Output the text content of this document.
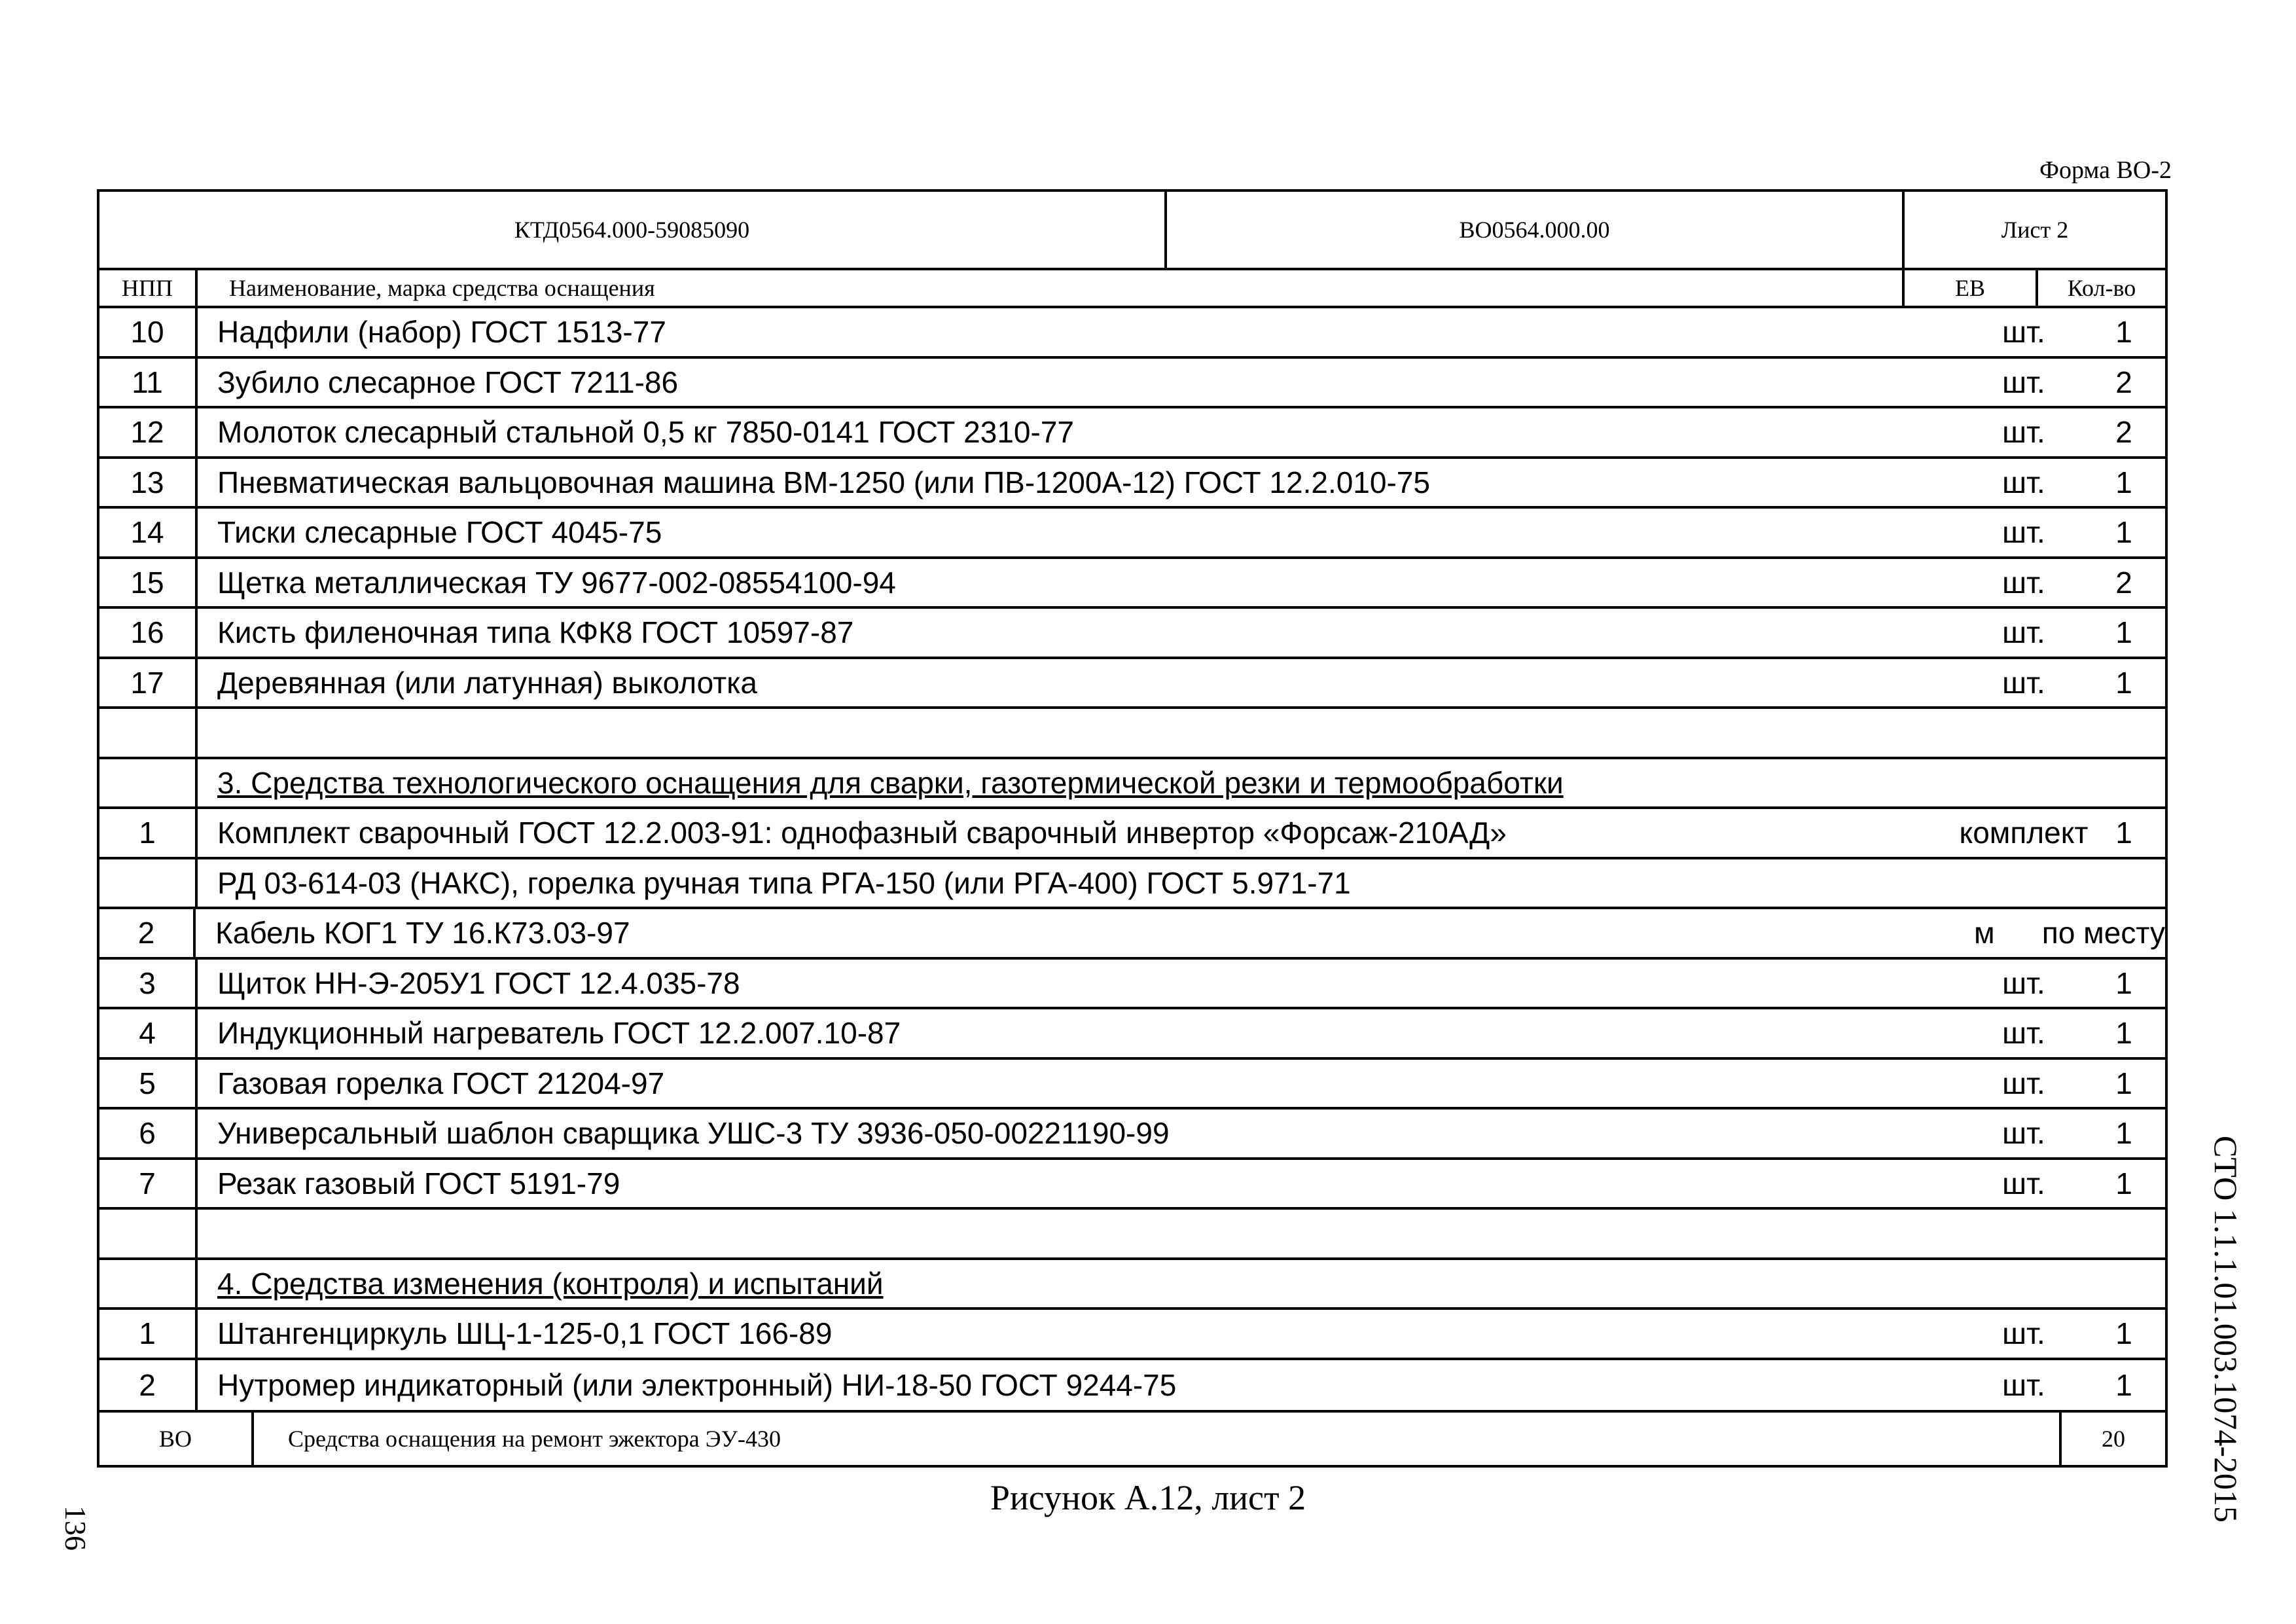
Форма ВО-2
КТД0564.000-59085090	ВО0564.000.00	Лист 2
НПП	Наименование, марка средства оснащения	ЕВ	Кол-во
10	Надфили (набор) ГОСТ 1513-77	шт.	1
11	Зубило слесарное ГОСТ 7211-86	шт.	2
12	Молоток слесарный стальной 0,5 кг 7850-0141 ГОСТ 2310-77	шт.	2
13	Пневматическая вальцовочная машина ВМ-1250 (или ПВ-1200А-12) ГОСТ 12.2.010-75	шт.	1
14	Тиски слесарные ГОСТ 4045-75	шт.	1
15	Щетка металлическая ТУ 9677-002-08554100-94	шт.	2
16	Кисть филеночная типа КФК8 ГОСТ 10597-87	шт.	1
17	Деревянная (или латунная) выколотка	шт.	1
3. Средства технологического оснащения для сварки, газотермической резки и термообработки
1	Комплект сварочный ГОСТ 12.2.003-91: однофазный сварочный инвертор «Форсаж-210АД»	комплект 1
РД 03-614-03 (НАКС), горелка ручная типа РГА-150 (или РГА-400) ГОСТ 5.971-71
2	Кабель КОГ1 ТУ 16.К73.03-97	м	по месту
3	Щиток НН-Э-205У1 ГОСТ 12.4.035-78	шт.	1
4	Индукционный нагреватель ГОСТ 12.2.007.10-87	шт.	1
5	Газовая горелка ГОСТ 21204-97	шт.	1
6	Универсальный шаблон сварщика УШС-3 ТУ 3936-050-00221190-99	шт.	1
7	Резак газовый ГОСТ 5191-79	шт.	1
4. Средства изменения (контроля) и испытаний
1	Штангенциркуль ШЦ-1-125-0,1 ГОСТ 166-89	шт.	1
2	Нутромер индикаторный (или электронный) НИ-18-50 ГОСТ 9244-75	шт.	1
ВО	Средства оснащения на ремонт эжектора ЭУ-430	20
Рисунок А.12, лист 2
136
СТО 1.1.1.01.003.1074-2015
